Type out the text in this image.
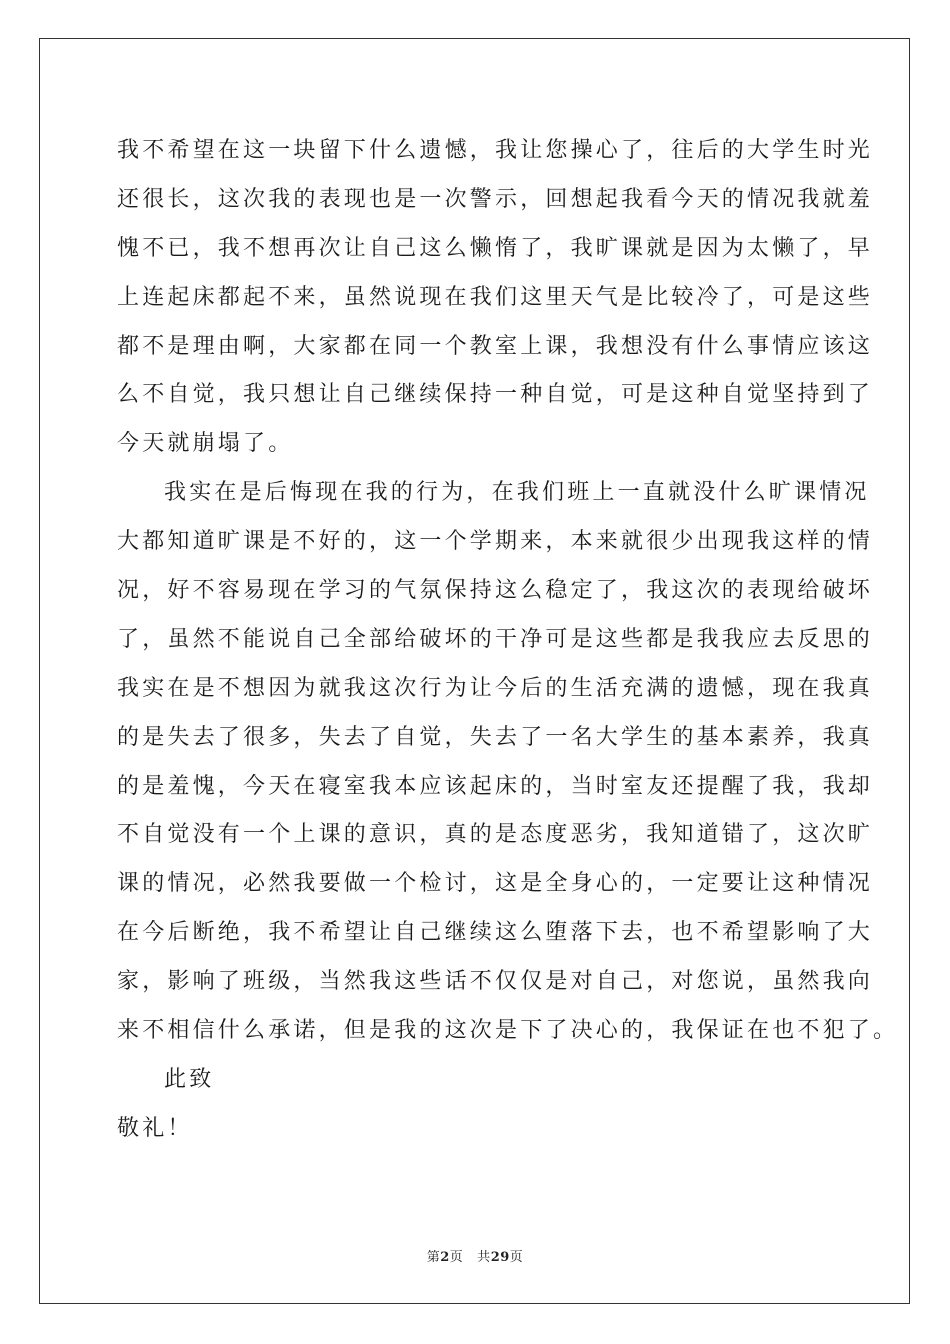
我不希望在这一块留下什么遗憾，我让您操心了，往后的大学生时光
还很长，这次我的表现也是一次警示，回想起我看今天的情况我就羞
愧不已，我不想再次让自己这么懒惰了，我旷课就是因为太懒了，早
上连起床都起不来，虽然说现在我们这里天气是比较冷了，可是这些
都不是理由啊，大家都在同一个教室上课，我想没有什么事情应该这
么不自觉，我只想让自己继续保持一种自觉，可是这种自觉坚持到了
今天就崩塌了。
我实在是后悔现在我的行为，在我们班上一直就没什么旷课情况
大都知道旷课是不好的，这一个学期来，本来就很少出现我这样的情
况，好不容易现在学习的气氛保持这么稳定了，我这次的表现给破坏
了，虽然不能说自己全部给破坏的干净可是这些都是我我应去反思的
我实在是不想因为就我这次行为让今后的生活充满的遗憾，现在我真
的是失去了很多，失去了自觉，失去了一名大学生的基本素养，我真
的是羞愧，今天在寝室我本应该起床的，当时室友还提醒了我，我却
不自觉没有一个上课的意识，真的是态度恶劣，我知道错了，这次旷
课的情况，必然我要做一个检讨，这是全身心的，一定要让这种情况
在今后断绝，我不希望让自己继续这么堕落下去，也不希望影响了大
家，影响了班级，当然我这些话不仅仅是对自己，对您说，虽然我向
来不相信什么承诺，但是我的这次是下了决心的，我保证在也不犯了。
此致
敬礼！
第2页 共29页
